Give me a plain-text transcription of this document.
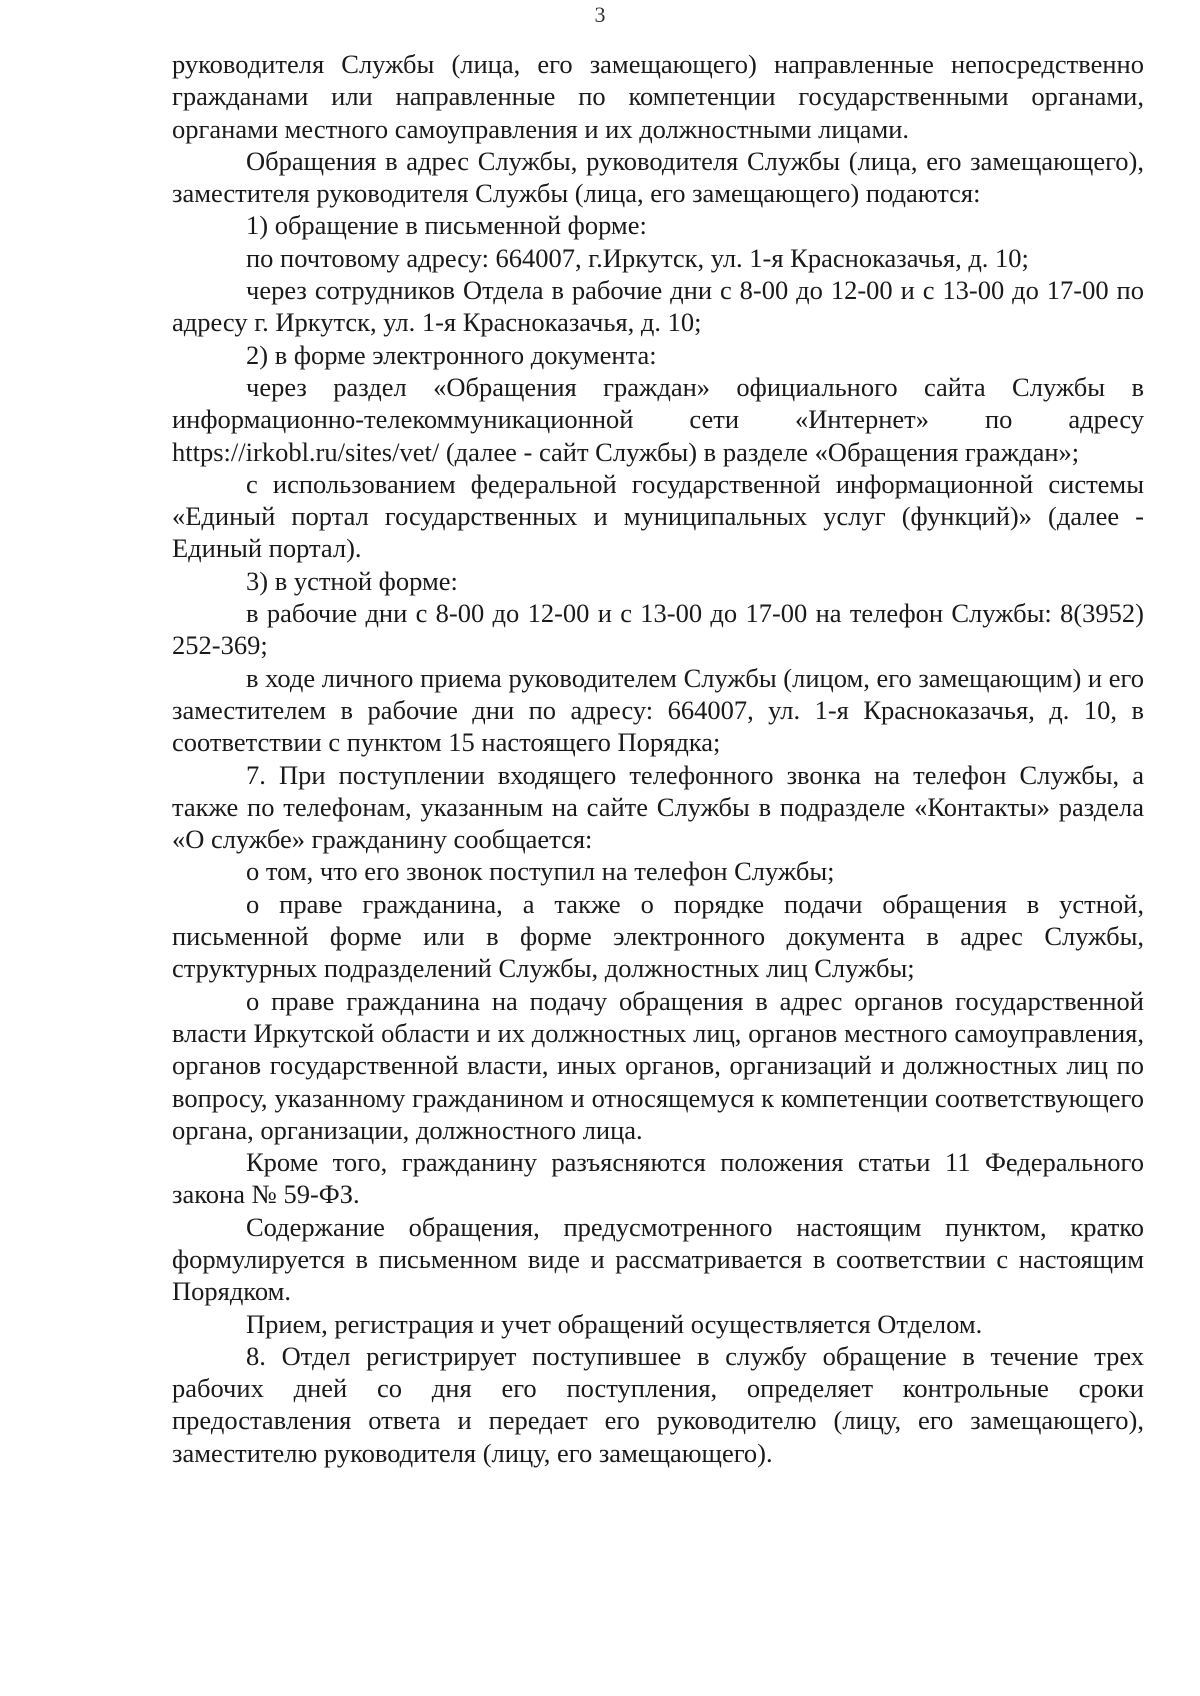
3

руководителя Службы (лица, его замещающего) направленные непосредственно гражданами или направленные по компетенции государственными органами, органами местного самоуправления и их должностными лицами.

Обращения в адрес Службы, руководителя Службы (лица, его замещающего), заместителя руководителя Службы (лица, его замещающего) подаются:

1) обращение в письменной форме:

по почтовому адресу: 664007, г.Иркутск, ул. 1-я Красноказачья, д. 10;

через сотрудников Отдела в рабочие дни с 8-00 до 12-00 и с 13-00 до 17-00 по адресу г. Иркутск, ул. 1-я Красноказачья, д. 10;

2) в форме электронного документа:

через раздел «Обращения граждан» официального сайта Службы в информационно-телекоммуникационной сети «Интернет» по адресу https://irkobl.ru/sites/vet/ (далее - сайт Службы) в разделе «Обращения граждан»;

с использованием федеральной государственной информационной системы «Единый портал государственных и муниципальных услуг (функций)» (далее - Единый портал).

3) в устной форме:

в рабочие дни с 8-00 до 12-00 и с 13-00 до 17-00 на телефон Службы: 8(3952) 252-369;

в ходе личного приема руководителем Службы (лицом, его замещающим) и его заместителем в рабочие дни по адресу: 664007, ул. 1-я Красноказачья, д. 10, в соответствии с пунктом 15 настоящего Порядка;

7. При поступлении входящего телефонного звонка на телефон Службы, а также по телефонам, указанным на сайте Службы в подразделе «Контакты» раздела «О службе» гражданину сообщается:

о том, что его звонок поступил на телефон Службы;

о праве гражданина, а также о порядке подачи обращения в устной, письменной форме или в форме электронного документа в адрес Службы, структурных подразделений Службы, должностных лиц Службы;

о праве гражданина на подачу обращения в адрес органов государственной власти Иркутской области и их должностных лиц, органов местного самоуправления, органов государственной власти, иных органов, организаций и должностных лиц по вопросу, указанному гражданином и относящемуся к компетенции соответствующего органа, организации, должностного лица.

Кроме того, гражданину разъясняются положения статьи 11 Федерального закона № 59-ФЗ.

Содержание обращения, предусмотренного настоящим пунктом, кратко формулируется в письменном виде и рассматривается в соответствии с настоящим Порядком.

Прием, регистрация и учет обращений осуществляется Отделом.

8. Отдел регистрирует поступившее в службу обращение в течение трех рабочих дней со дня его поступления, определяет контрольные сроки предоставления ответа и передает его руководителю (лицу, его замещающего), заместителю руководителя (лицу, его замещающего).
